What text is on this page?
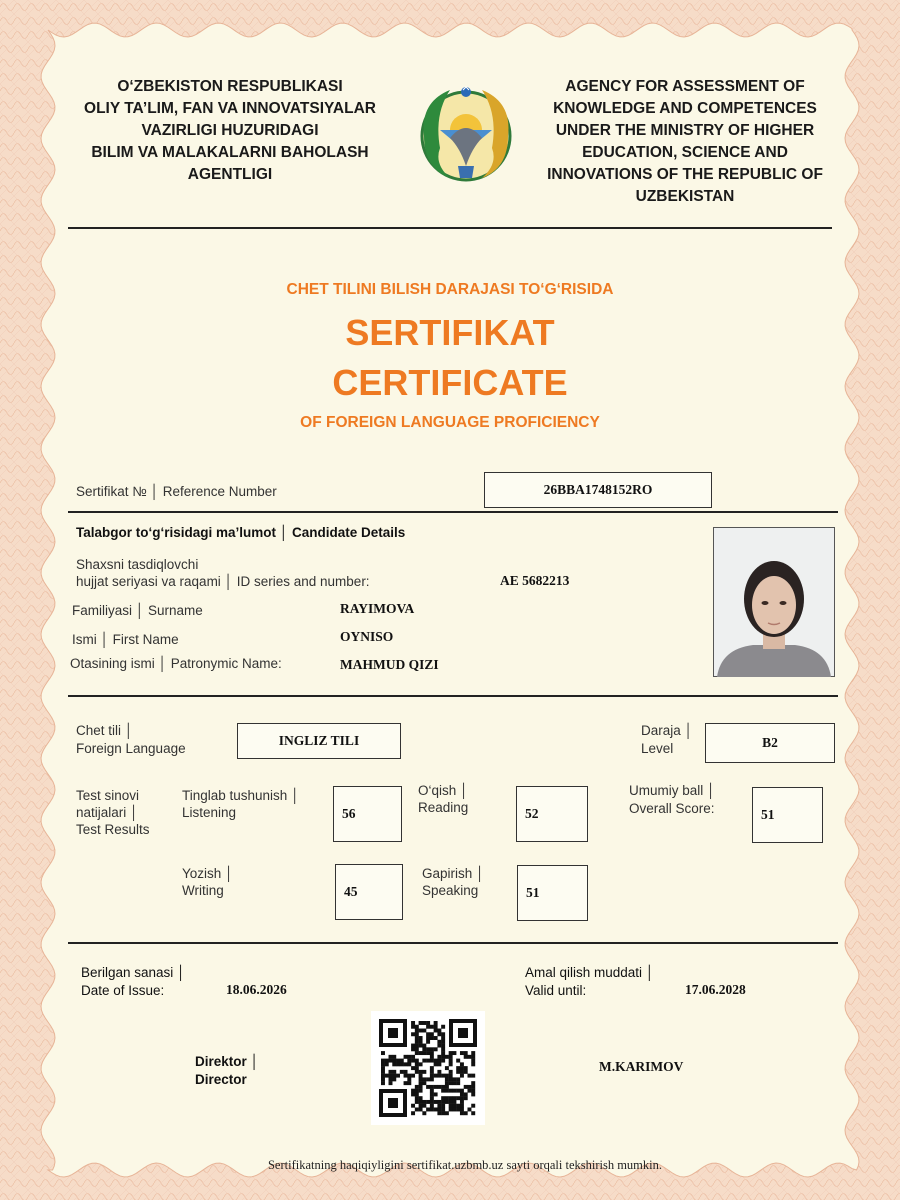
O‘ZBEKISTON RESPUBLIKASI
OLIY TA’LIM, FAN VA INNOVATSIYALAR
VAZIRLIGI HUZURIDAGI
BILIM VA MALAKALARNI BAHOLASH
AGENTLIGI
AGENCY FOR ASSESSMENT OF
KNOWLEDGE AND COMPETENCES
UNDER THE MINISTRY OF HIGHER
EDUCATION, SCIENCE AND
INNOVATIONS OF THE REPUBLIC OF
UZBEKISTAN
CHET TILINI BILISH DARAJASI TO‘G‘RISIDA
SERTIFIKAT
CERTIFICATE
OF FOREIGN LANGUAGE PROFICIENCY
Sertifikat № │ Reference Number	26BBA1748152RO
Talabgor to‘g‘risidagi ma’lumot │ Candidate Details
Shaxsni tasdiqlovchi
hujjat seriyasi va raqami │ ID series and number:	AE 5682213
Familiyasi │ Surname	RAYIMOVA
Ismi │ First Name	OYNISO
Otasining ismi │ Patronymic Name:	MAHMUD QIZI
Chet tili │
Foreign Language
INGLIZ TILI
Daraja │
Level	B2
Test sinovi
natijalari │
Test Results
Tinglab tushunish │
Listening	56
O‘qish │
Reading	52
Umumiy ball │
Overall Score:	51
Yozish │
Writing	45
Gapirish │
Speaking	51
Berilgan sanasi │
Date of Issue:	18.06.2026
Amal qilish muddati │
Valid until:	17.06.2028
Direktor │
Director
M.KARIMOV
Sertifikatning haqiqiyligini sertifikat.uzbmb.uz sayti orqali tekshirish mumkin.
